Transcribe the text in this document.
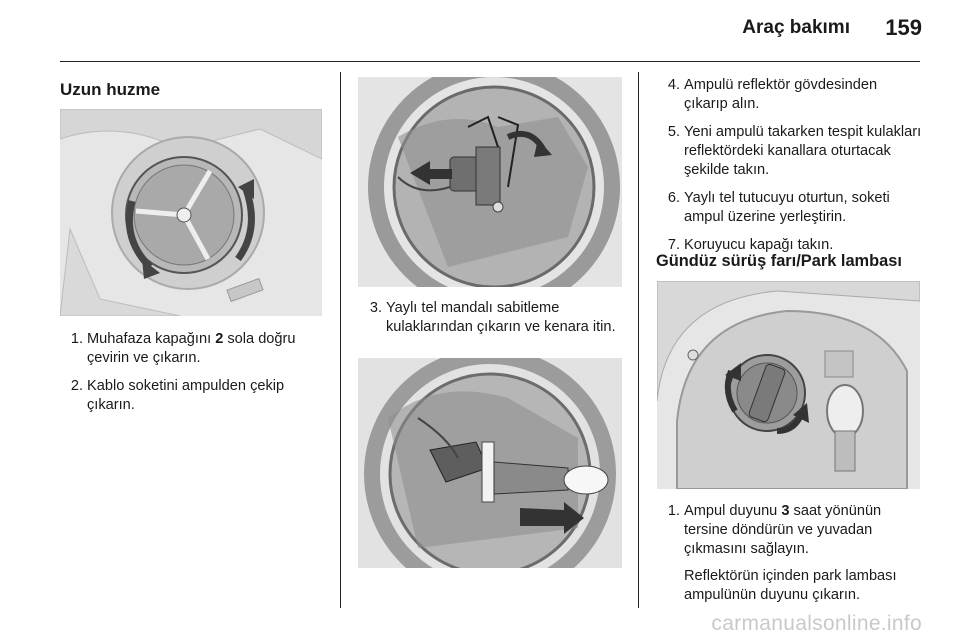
Araç bakımı	159
Uzun huzme
1. Muhafaza kapağını 2 sola doğru çevirin ve çıkarın.
2. Kablo soketini ampulden çekip çıkarın.
3. Yaylı tel mandalı sabitleme kulaklarından çıkarın ve kenara itin.
4. Ampulü reflektör gövdesinden çıkarıp alın.
5. Yeni ampulü takarken tespit kulakları reflektördeki kanallara oturtacak şekilde takın.
6. Yaylı tel tutucuyu oturtun, soketi ampul üzerine yerleştirin.
7. Koruyucu kapağı takın.
Gündüz sürüş farı/Park lambası
1. Ampul duyunu 3 saat yönünün tersine döndürün ve yuvadan çıkmasını sağlayın.
Reflektörün içinden park lambası ampulünün duyunu çıkarın.
carmanualsonline.info
